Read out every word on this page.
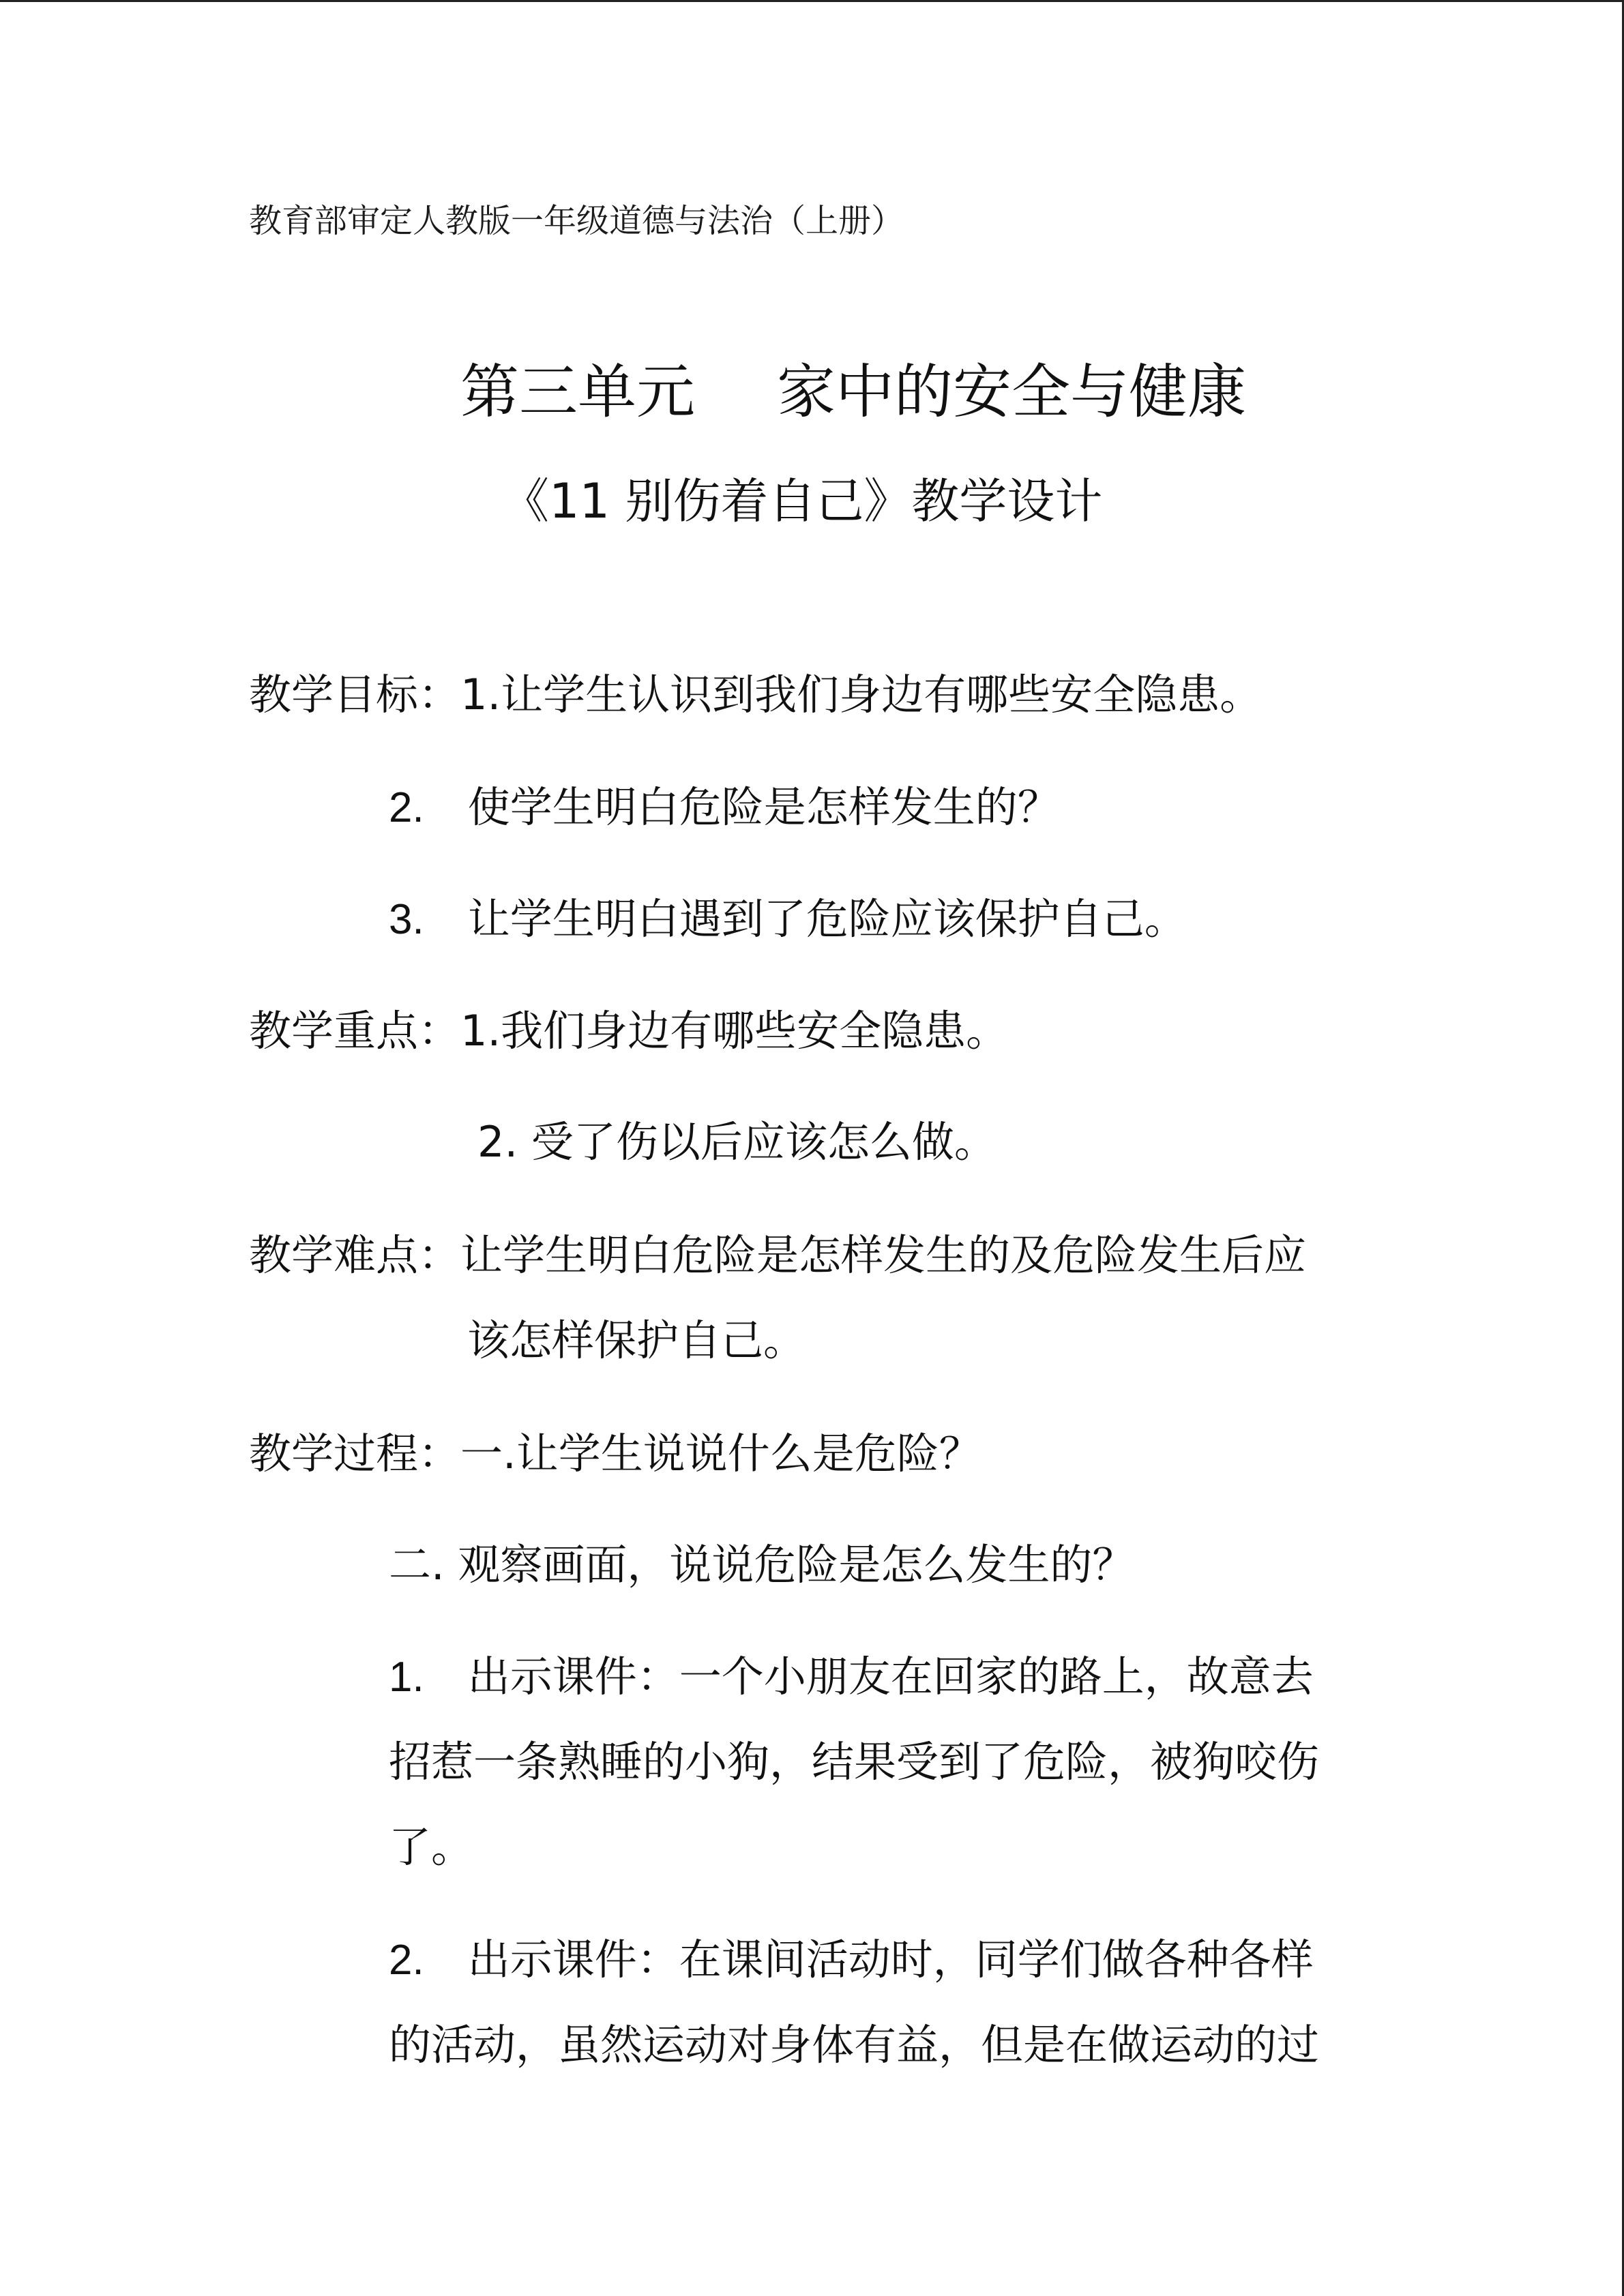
教育部审定人教版一年级道德与法治（上册）
第三单元 家中的安全与健康
《11 别伤着自己》教学设计
教学目标：1.让学生认识到我们身边有哪些安全隐患。
2. 使学生明白危险是怎样发生的？
3. 让学生明白遇到了危险应该保护自己。
教学重点：1.我们身边有哪些安全隐患。
2. 受了伤以后应该怎么做。
教学难点：让学生明白危险是怎样发生的及危险发生后应
该怎样保护自己。
教学过程：一.让学生说说什么是危险？
二. 观察画面，说说危险是怎么发生的？
1. 出示课件：一个小朋友在回家的路上，故意去
招惹一条熟睡的小狗，结果受到了危险，被狗咬伤
了。
2. 出示课件：在课间活动时，同学们做各种各样
的活动，虽然运动对身体有益，但是在做运动的过
